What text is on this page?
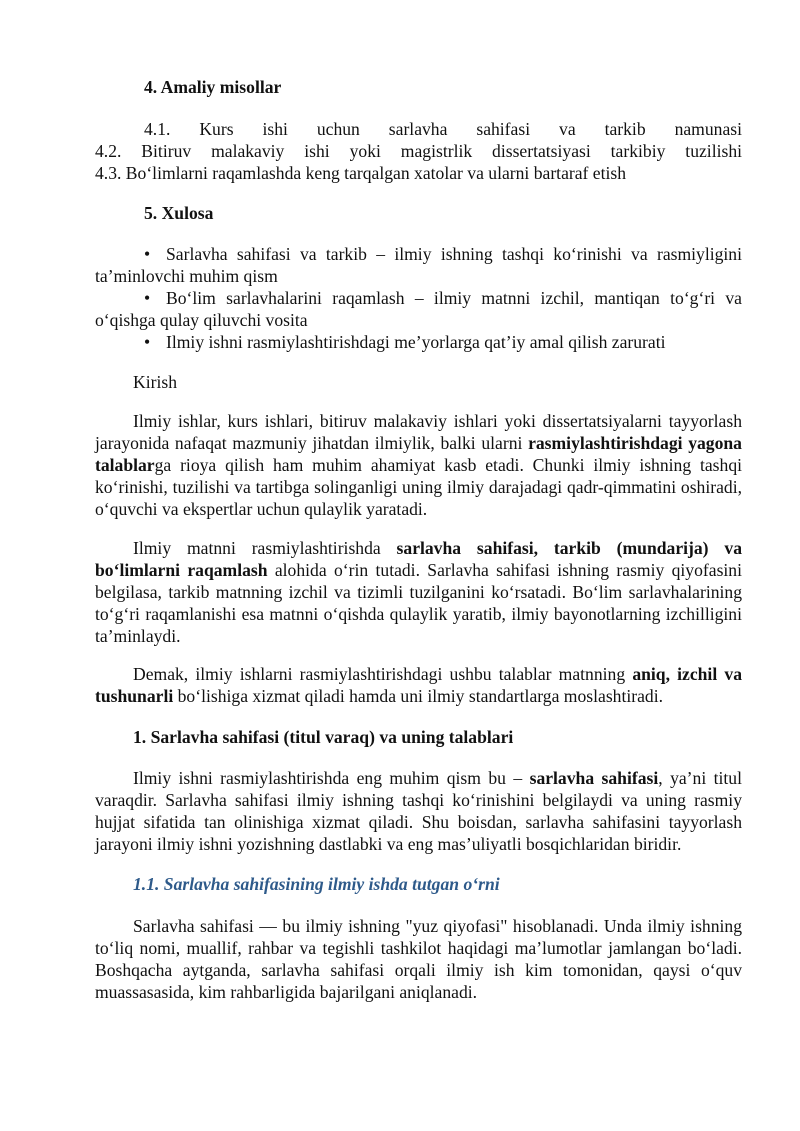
4. Amaliy misollar

4.1. Kurs ishi uchun sarlavha sahifasi va tarkib namunasi

4.2. Bitiruv malakaviy ishi yoki magistrlik dissertatsiyasi tarkibiy tuzilishi

4.3. Bo‘limlarni raqamlashda keng tarqalgan xatolar va ularni bartaraf etish

5. Xulosa

• Sarlavha sahifasi va tarkib – ilmiy ishning tashqi ko‘rinishi va rasmiyligini
ta’minlovchi muhim qism
• Bo‘lim sarlavhalarini raqamlash – ilmiy matnni izchil, mantiqan to‘g‘ri va
o‘qishga qulay qiluvchi vosita
• Ilmiy ishni rasmiylashtirishdagi me’yorlarga qat’iy amal qilish zarurati

Kirish

Ilmiy ishlar, kurs ishlari, bitiruv malakaviy ishlari yoki dissertatsiyalarni tayyorlash jarayonida nafaqat mazmuniy jihatdan ilmiylik, balki ularni rasmiylashtirishdagi yagona talablarga rioya qilish ham muhim ahamiyat kasb etadi. Chunki ilmiy ishning tashqi ko‘rinishi, tuzilishi va tartibga solinganligi uning ilmiy darajadagi qadr-qimmatini oshiradi, o‘quvchi va ekspertlar uchun qulaylik yaratadi.

Ilmiy matnni rasmiylashtirishda sarlavha sahifasi, tarkib (mundarija) va bo‘limlarni raqamlash alohida o‘rin tutadi. Sarlavha sahifasi ishning rasmiy qiyofasini belgilasa, tarkib matnning izchil va tizimli tuzilganini ko‘rsatadi. Bo‘lim sarlavhalarining to‘g‘ri raqamlanishi esa matnni o‘qishda qulaylik yaratib, ilmiy bayonotlarning izchilligini ta’minlaydi.

Demak, ilmiy ishlarni rasmiylashtirishdagi ushbu talablar matnning aniq, izchil va tushunarli bo‘lishiga xizmat qiladi hamda uni ilmiy standartlarga moslashtiradi.

1. Sarlavha sahifasi (titul varaq) va uning talablari

Ilmiy ishni rasmiylashtirishda eng muhim qism bu – sarlavha sahifasi, ya’ni titul varaqdir. Sarlavha sahifasi ilmiy ishning tashqi ko‘rinishini belgilaydi va uning rasmiy hujjat sifatida tan olinishiga xizmat qiladi. Shu boisdan, sarlavha sahifasini tayyorlash jarayoni ilmiy ishni yozishning dastlabki va eng mas’uliyatli bosqichlaridan biridir.

1.1. Sarlavha sahifasining ilmiy ishda tutgan o‘rni

Sarlavha sahifasi — bu ilmiy ishning "yuz qiyofasi" hisoblanadi. Unda ilmiy ishning to‘liq nomi, muallif, rahbar va tegishli tashkilot haqidagi ma’lumotlar jamlangan bo‘ladi. Boshqacha aytganda, sarlavha sahifasi orqali ilmiy ish kim tomonidan, qaysi o‘quv muassasasida, kim rahbarligida bajarilgani aniqlanadi.
